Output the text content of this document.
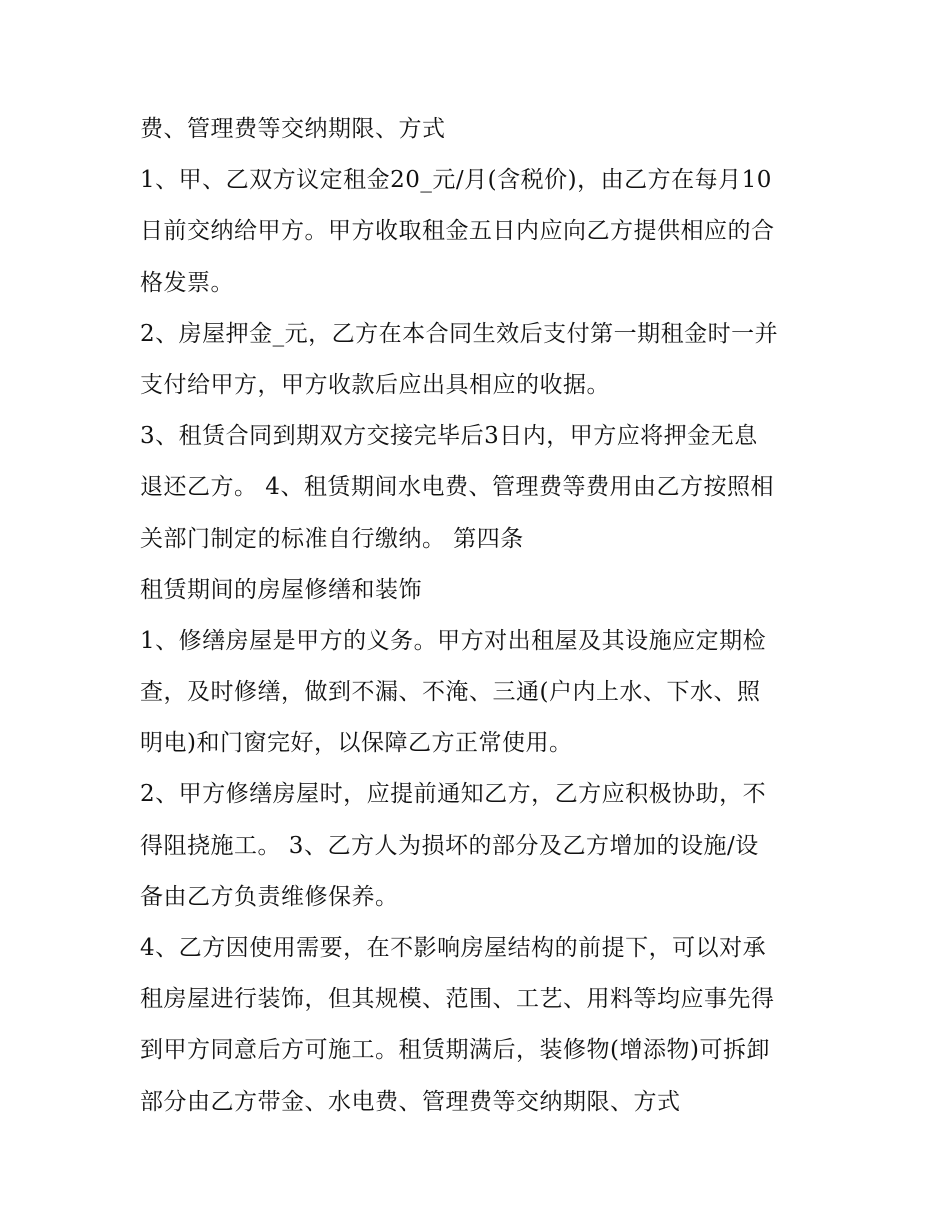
费、管理费等交纳期限、方式
1、甲、乙双方议定租金20_元/月(含税价)，由乙方在每月10
日前交纳给甲方。甲方收取租金五日内应向乙方提供相应的合
格发票。
2、房屋押金_元，乙方在本合同生效后支付第一期租金时一并
支付给甲方，甲方收款后应出具相应的收据。
3、租赁合同到期双方交接完毕后3日内，甲方应将押金无息
退还乙方。 4、租赁期间水电费、管理费等费用由乙方按照相
关部门制定的标准自行缴纳。 第四条
租赁期间的房屋修缮和装饰
1、修缮房屋是甲方的义务。甲方对出租屋及其设施应定期检
查，及时修缮，做到不漏、不淹、三通(户内上水、下水、照
明电)和门窗完好，以保障乙方正常使用。
2、甲方修缮房屋时，应提前通知乙方，乙方应积极协助，不
得阻挠施工。 3、乙方人为损坏的部分及乙方增加的设施/设
备由乙方负责维修保养。
4、乙方因使用需要，在不影响房屋结构的前提下，可以对承
租房屋进行装饰，但其规模、范围、工艺、用料等均应事先得
到甲方同意后方可施工。租赁期满后，装修物(增添物)可拆卸
部分由乙方带金、水电费、管理费等交纳期限、方式
